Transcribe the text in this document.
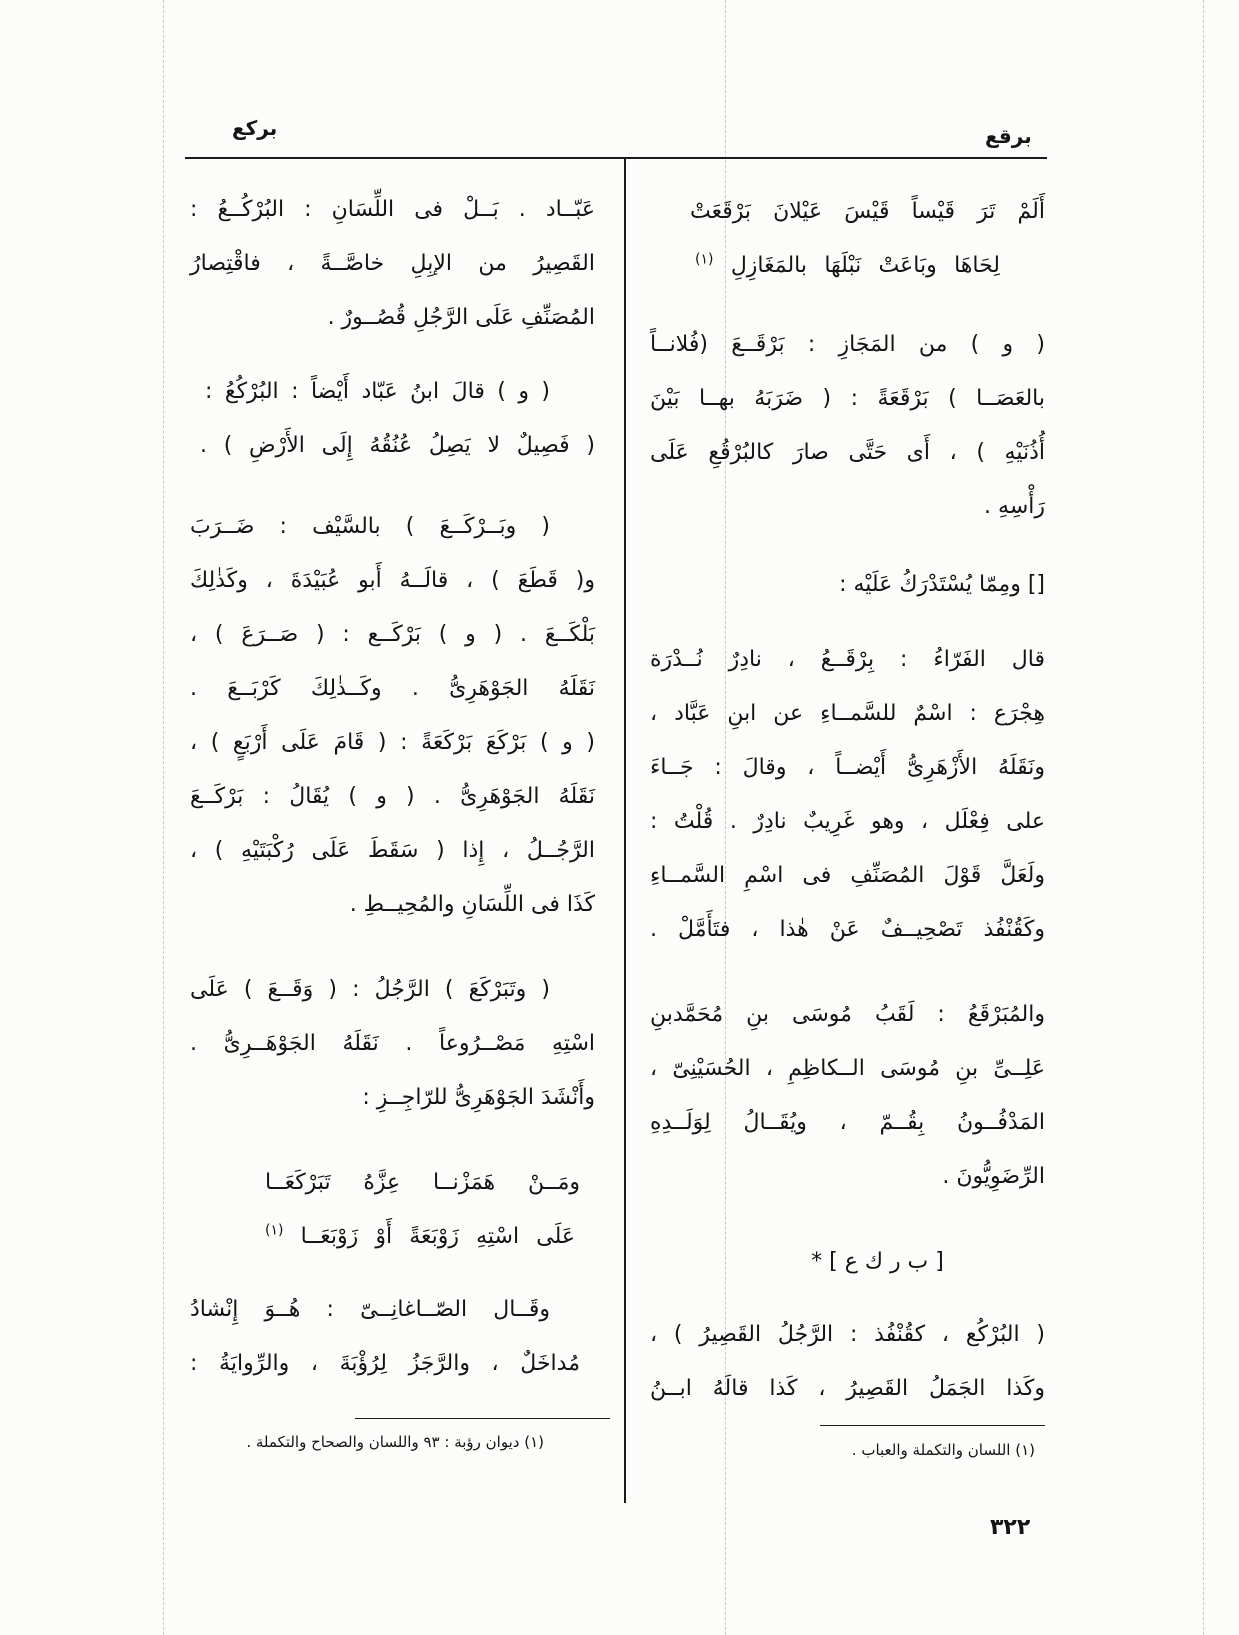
برقع
بركع
أَلَمْ تَرَ قَيْساً قَيْسَ عَيْلانَ بَرْقَعَتْ
لِحَاهَا وبَاعَتْ نَبْلَهَا بالمَغَازِلِ $^{(١)}$
( و ) من المَجَازِ : بَرْقَــعَ (فُلانــاً
بالعَصَــا ) بَرْقَعَةً : ( ضَرَبَهُ بهــا بَيْنَ
أُذُنَيْهِ ) ، أَى حَتَّى صارَ كالبُرْقُعِ عَلَى
رَأْسِهِ .
[] ومِمّا يُسْتَدْرَكُ عَلَيْه :
قال الفَرّاءُ : بِرْقَــعُ ، نادِرٌ نُــدْرَة
هِجْرَع : اسْمٌ للسَّمــاءِ عن ابنِ عَبَّاد ،
ونَقَلَهُ الأَزْهَرِىُّ أَيْضــاً ، وقالَ : جَــاءَ
على فِعْلَل ، وهو غَرِيبٌ نادِرٌ . قُلْتُ :
ولَعَلَّ قَوْلَ المُصَنِّفِ فى اسْمِ السَّمــاءِ
وكَقُنْفُذ تَصْحِيــفٌ عَنْ هٰذا ، فتَأَمَّلْ .
والمُبَرْقَعُ : لَقَبُ مُوسَى بنِ مُحَمَّدبنِ
عَلِــىِّ بنِ مُوسَى الــكاظِمِ ، الحُسَيْنِىّ ،
المَدْفُــونُ بِقُــمّ ، ويُقَــالُ لِوَلَــدِهِ
الرِّضَوِيُّونَ .
[ ب ر ك ع ] *
( البُرْكُع ، كقُنْفُذ : الرَّجُلُ القَصِيرُ ) ،
وكَذا الجَمَلُ القَصِيرُ ، كَذا قالَهُ ابــنُ
(١) اللسان والتكملة والعباب .
٣٢٢
عَبّــاد . بَــلْ فى اللِّسَانِ : البُرْكُــعُ :
القَصِيرُ من الإبِلِ خاصَّــةً ، فاقْتِصارُ
المُصَنِّفِ عَلَى الرَّجُلِ قُصُــورٌ .
( و ) قالَ ابنُ عَبّاد أَيْضاً : البُرْكُعُ :
( فَصِيلٌ لا يَصِلُ عُنُقُهُ إِلَى الأَرْضِ ) .
( وبَــرْكَــعَ ) بالسَّيْف : ضَــرَبَ
و( قَطَعَ ) ، قالَــهُ أَبو عُبَيْدَةَ ، وكَذٰلِكَ
بَلْكَــعَ . ( و ) بَرْكَــع : ( صَــرَعَ ) ،
نَقَلَهُ الجَوْهَرِىُّ . وكَــذٰلِكَ كَرْبَــعَ .
( و ) بَرْكَعَ بَرْكَعَةً : ( قَامَ عَلَى أَرْبَعٍ ) ،
نَقَلَهُ الجَوْهَرِىُّ . ( و ) يُقَالُ : بَرْكَــعَ
الرَّجُــلُ ، إِذا ( سَقَطَ عَلَى رُكْبَتَيْهِ ) ،
كَذَا فى اللِّسَانِ والمُحِيــطِ .
( وتَبَرْكَعَ ) الرَّجُلُ : ( وَقَــعَ ) عَلَى
اسْتِهِ مَصْــرُوعاً . نَقَلَهُ الجَوْهَــرِىُّ .
وأَنْشَدَ الجَوْهَرِىُّ للرّاجِــزِ :
ومَــنْ هَمَزْنــا عِزَّهُ تَبَرْكَعَــا
عَلَى اسْتِهِ زَوْبَعَةً أَوْ زَوْبَعَــا $^{(١)}$
وقَــال الصّــاغانِــىّ : هُــوَ إِنْشادُ
مُداخَلٌ ، والرَّجَزُ لِرُؤْبَةَ ، والرِّوايَةُ :
(١) ديوان رؤبة : ٩٣ واللسان والصحاح والتكملة .
